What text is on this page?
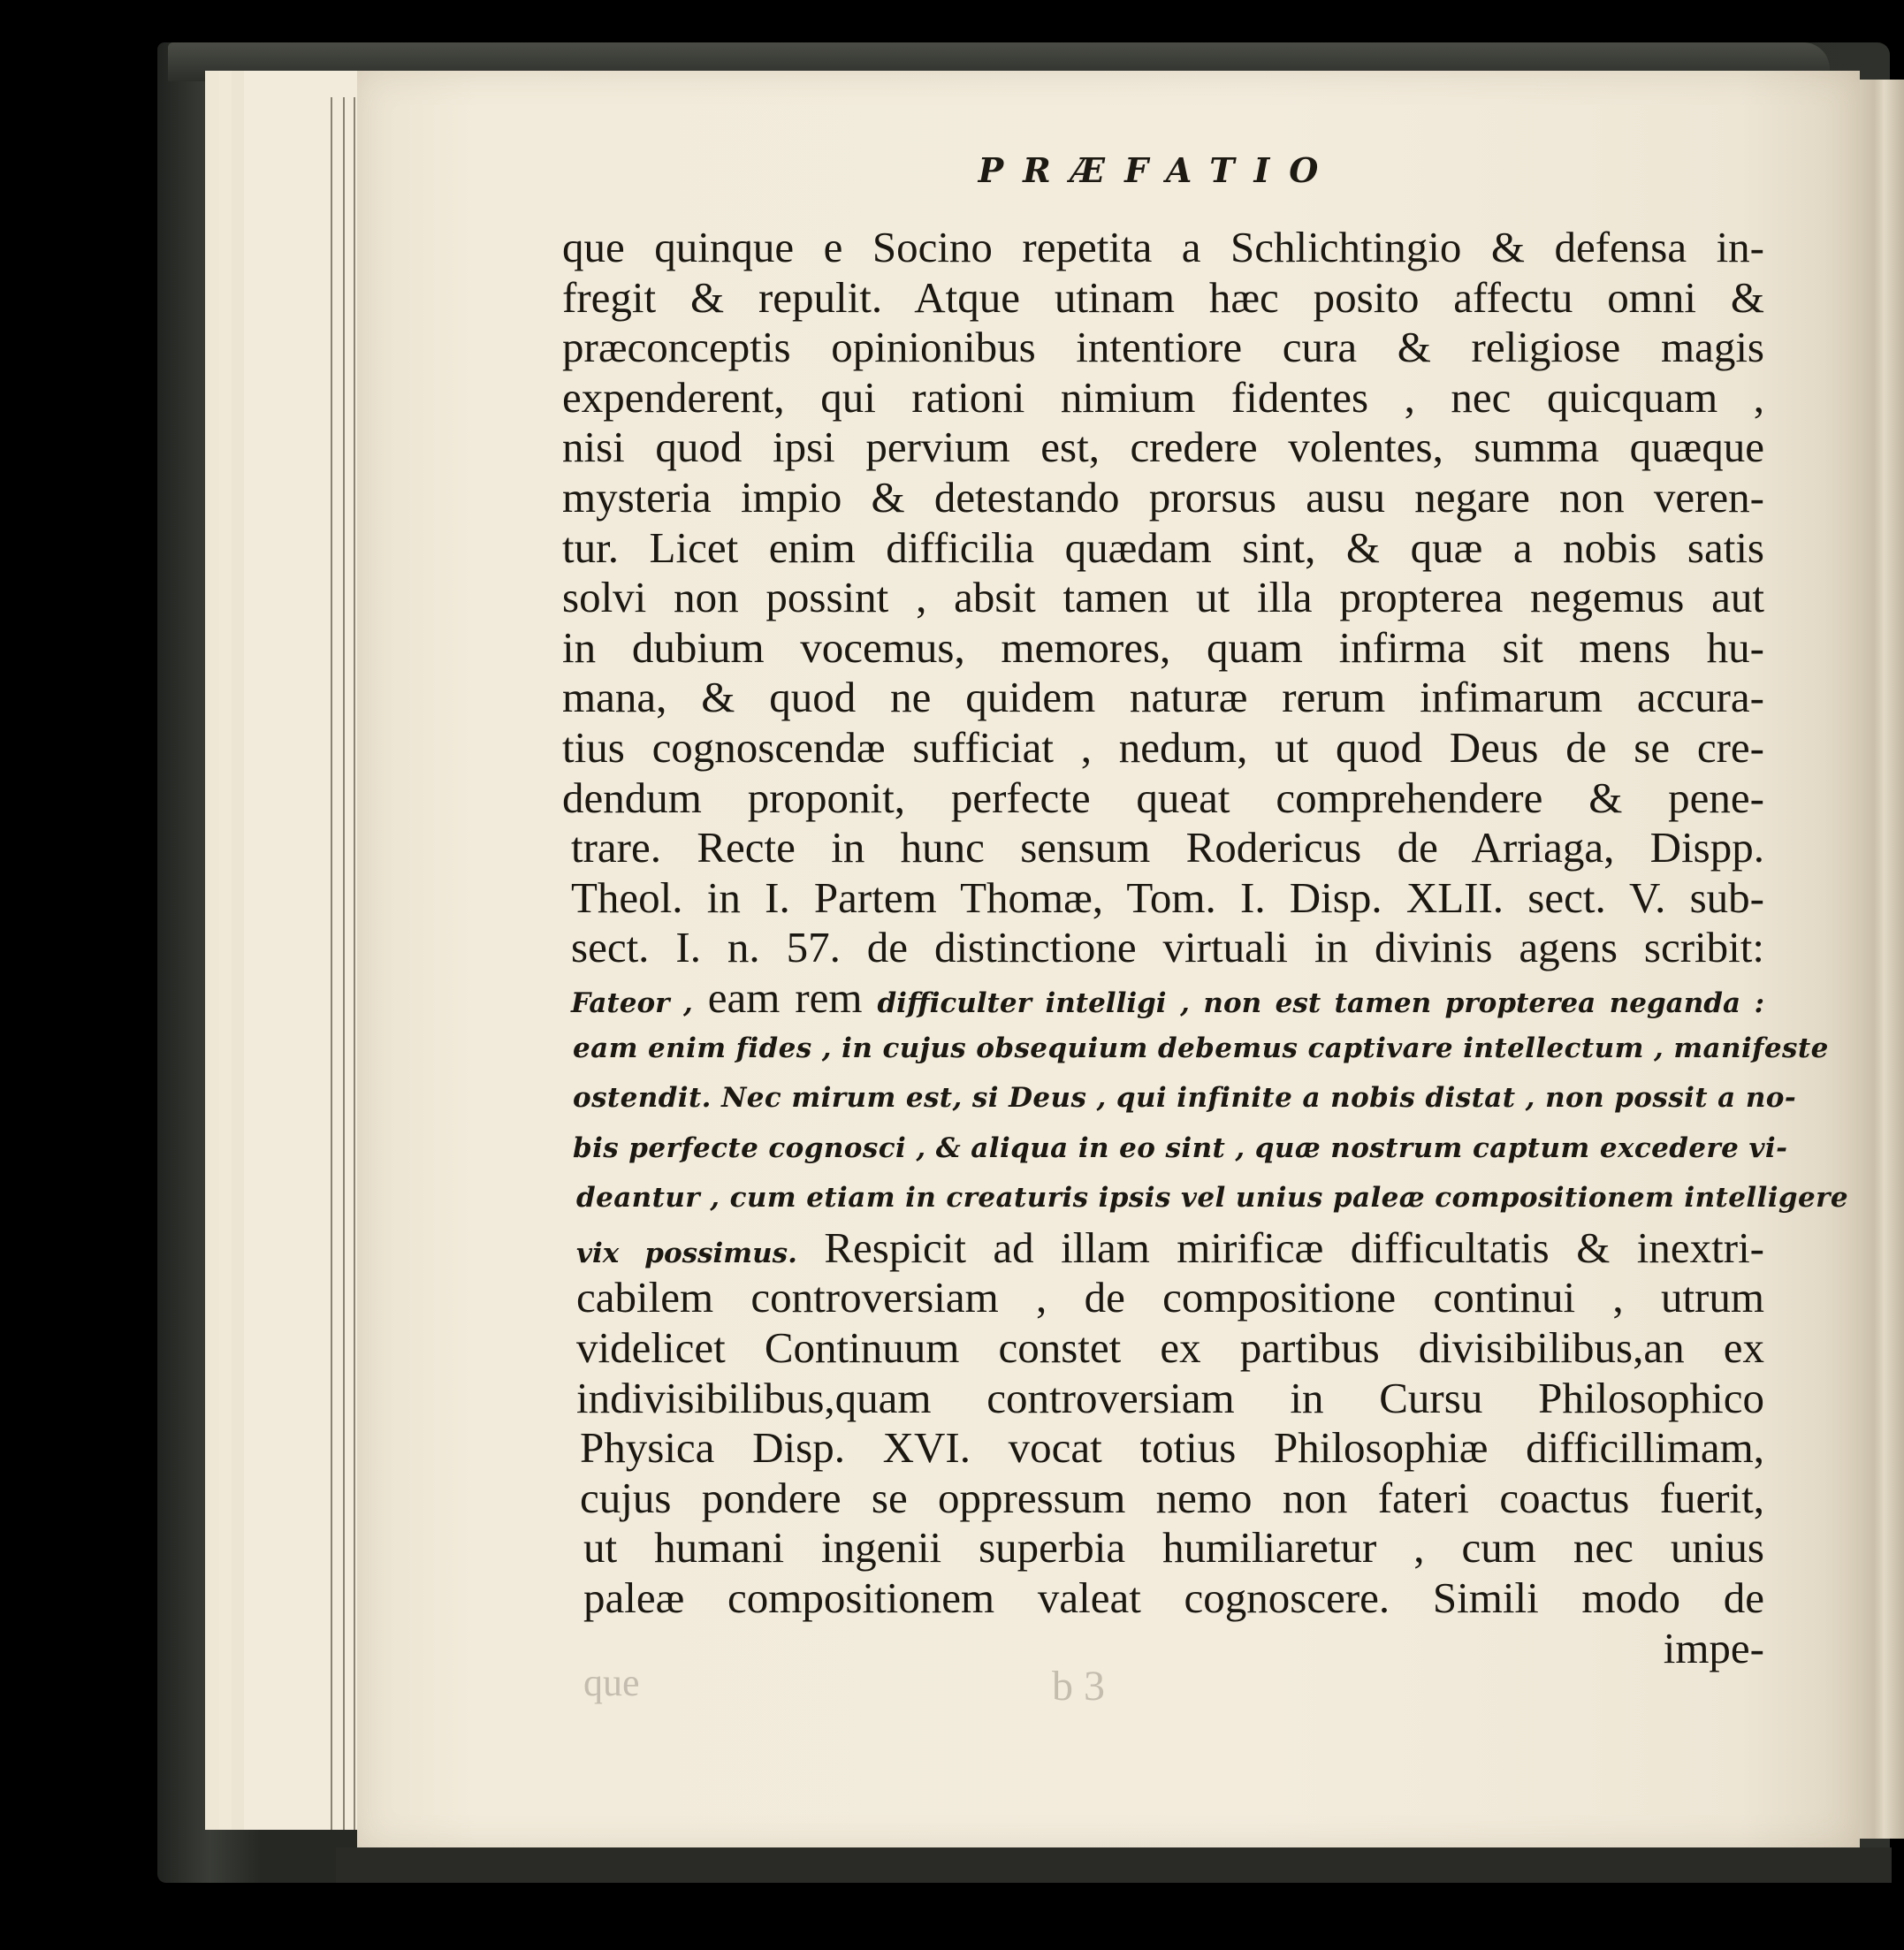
PRÆFATIO
que	b 3
que quinque e Socino repetita a Schlichtingio & defensa in-
fregit & repulit. Atque utinam hæc posito affectu omni &
præconceptis opinionibus intentiore cura & religiose magis
expenderent, qui rationi nimium fidentes , nec quicquam ,
nisi quod ipsi pervium est, credere volentes, summa quæque
mysteria impio & detestando prorsus ausu negare non veren-
tur. Licet enim difficilia quædam sint, & quæ a nobis satis
solvi non possint , absit tamen ut illa propterea negemus aut
in dubium vocemus, memores, quam infirma sit mens hu-
mana, & quod ne quidem naturæ rerum infimarum accura-
tius cognoscendæ sufficiat , nedum, ut quod Deus de se cre-
dendum proponit, perfecte queat comprehendere & pene-
trare. Recte in hunc sensum Rodericus de Arriaga, Dispp.
Theol. in I. Partem Thomæ, Tom. I. Disp. XLII. sect. V. sub-
sect. I. n. 57. de distinctione virtuali in divinis agens scribit:
Fateor , eam rem difficulter intelligi , non est tamen propterea neganda :
eam enim fides , in cujus obsequium debemus captivare intellectum , manifeste
ostendit. Nec mirum est, si Deus , qui infinite a nobis distat , non possit a no-
bis perfecte cognosci , & aliqua in eo sint , quæ nostrum captum excedere vi-
deantur , cum etiam in creaturis ipsis vel unius paleæ compositionem intelligere
vix possimus. Respicit ad illam mirificæ difficultatis & inextri-
cabilem controversiam , de compositione continui , utrum
videlicet Continuum constet ex partibus divisibilibus,an ex
indivisibilibus,quam controversiam in Cursu Philosophico
Physica Disp. XVI. vocat totius Philosophiæ difficillimam,
cujus pondere se oppressum nemo non fateri coactus fuerit,
ut humani ingenii superbia humiliaretur , cum nec unius
paleæ compositionem valeat cognoscere. Simili modo de
impe-
